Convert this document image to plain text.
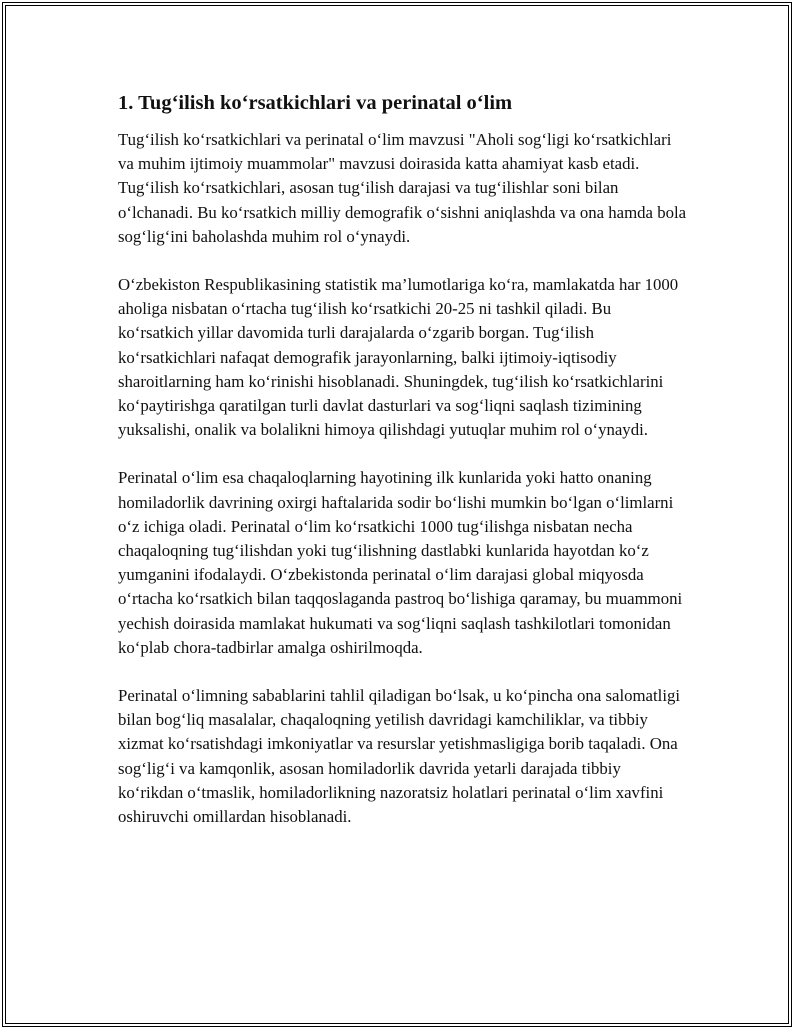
1. Tug‘ilish ko‘rsatkichlari va perinatal o‘lim

Tug‘ilish ko‘rsatkichlari va perinatal o‘lim mavzusi "Aholi sog‘ligi ko‘rsatkichlari va muhim ijtimoiy muammolar" mavzusi doirasida katta ahamiyat kasb etadi. Tug‘ilish ko‘rsatkichlari, asosan tug‘ilish darajasi va tug‘ilishlar soni bilan o‘lchanadi. Bu ko‘rsatkich milliy demografik o‘sishni aniqlashda va ona hamda bola sog‘lig‘ini baholashda muhim rol o‘ynaydi.

O‘zbekiston Respublikasining statistik ma’lumotlariga ko‘ra, mamlakatda har 1000 aholiga nisbatan o‘rtacha tug‘ilish ko‘rsatkichi 20-25 ni tashkil qiladi. Bu ko‘rsatkich yillar davomida turli darajalarda o‘zgarib borgan. Tug‘ilish ko‘rsatkichlari nafaqat demografik jarayonlarning, balki ijtimoiy-iqtisodiy sharoitlarning ham ko‘rinishi hisoblanadi. Shuningdek, tug‘ilish ko‘rsatkichlarini ko‘paytirishga qaratilgan turli davlat dasturlari va sog‘liqni saqlash tizimining yuksalishi, onalik va bolalikni himoya qilishdagi yutuqlar muhim rol o‘ynaydi.

Perinatal o‘lim esa chaqaloqlarning hayotining ilk kunlarida yoki hatto onaning homiladorlik davrining oxirgi haftalarida sodir bo‘lishi mumkin bo‘lgan o‘limlarni o‘z ichiga oladi. Perinatal o‘lim ko‘rsatkichi 1000 tug‘ilishga nisbatan necha chaqaloqning tug‘ilishdan yoki tug‘ilishning dastlabki kunlarida hayotdan ko‘z yumganini ifodalaydi. O‘zbekistonda perinatal o‘lim darajasi global miqyosda o‘rtacha ko‘rsatkich bilan taqqoslaganda pastroq bo‘lishiga qaramay, bu muammoni yechish doirasida mamlakat hukumati va sog‘liqni saqlash tashkilotlari tomonidan ko‘plab chora-tadbirlar amalga oshirilmoqda.

Perinatal o‘limning sabablarini tahlil qiladigan bo‘lsak, u ko‘pincha ona salomatligi bilan bog‘liq masalalar, chaqaloqning yetilish davridagi kamchiliklar, va tibbiy xizmat ko‘rsatishdagi imkoniyatlar va resurslar yetishmasligiga borib taqaladi. Ona sog‘lig‘i va kamqonlik, asosan homiladorlik davrida yetarli darajada tibbiy ko‘rikdan o‘tmaslik, homiladorlikning nazoratsiz holatlari perinatal o‘lim xavfini oshiruvchi omillardan hisoblanadi.
